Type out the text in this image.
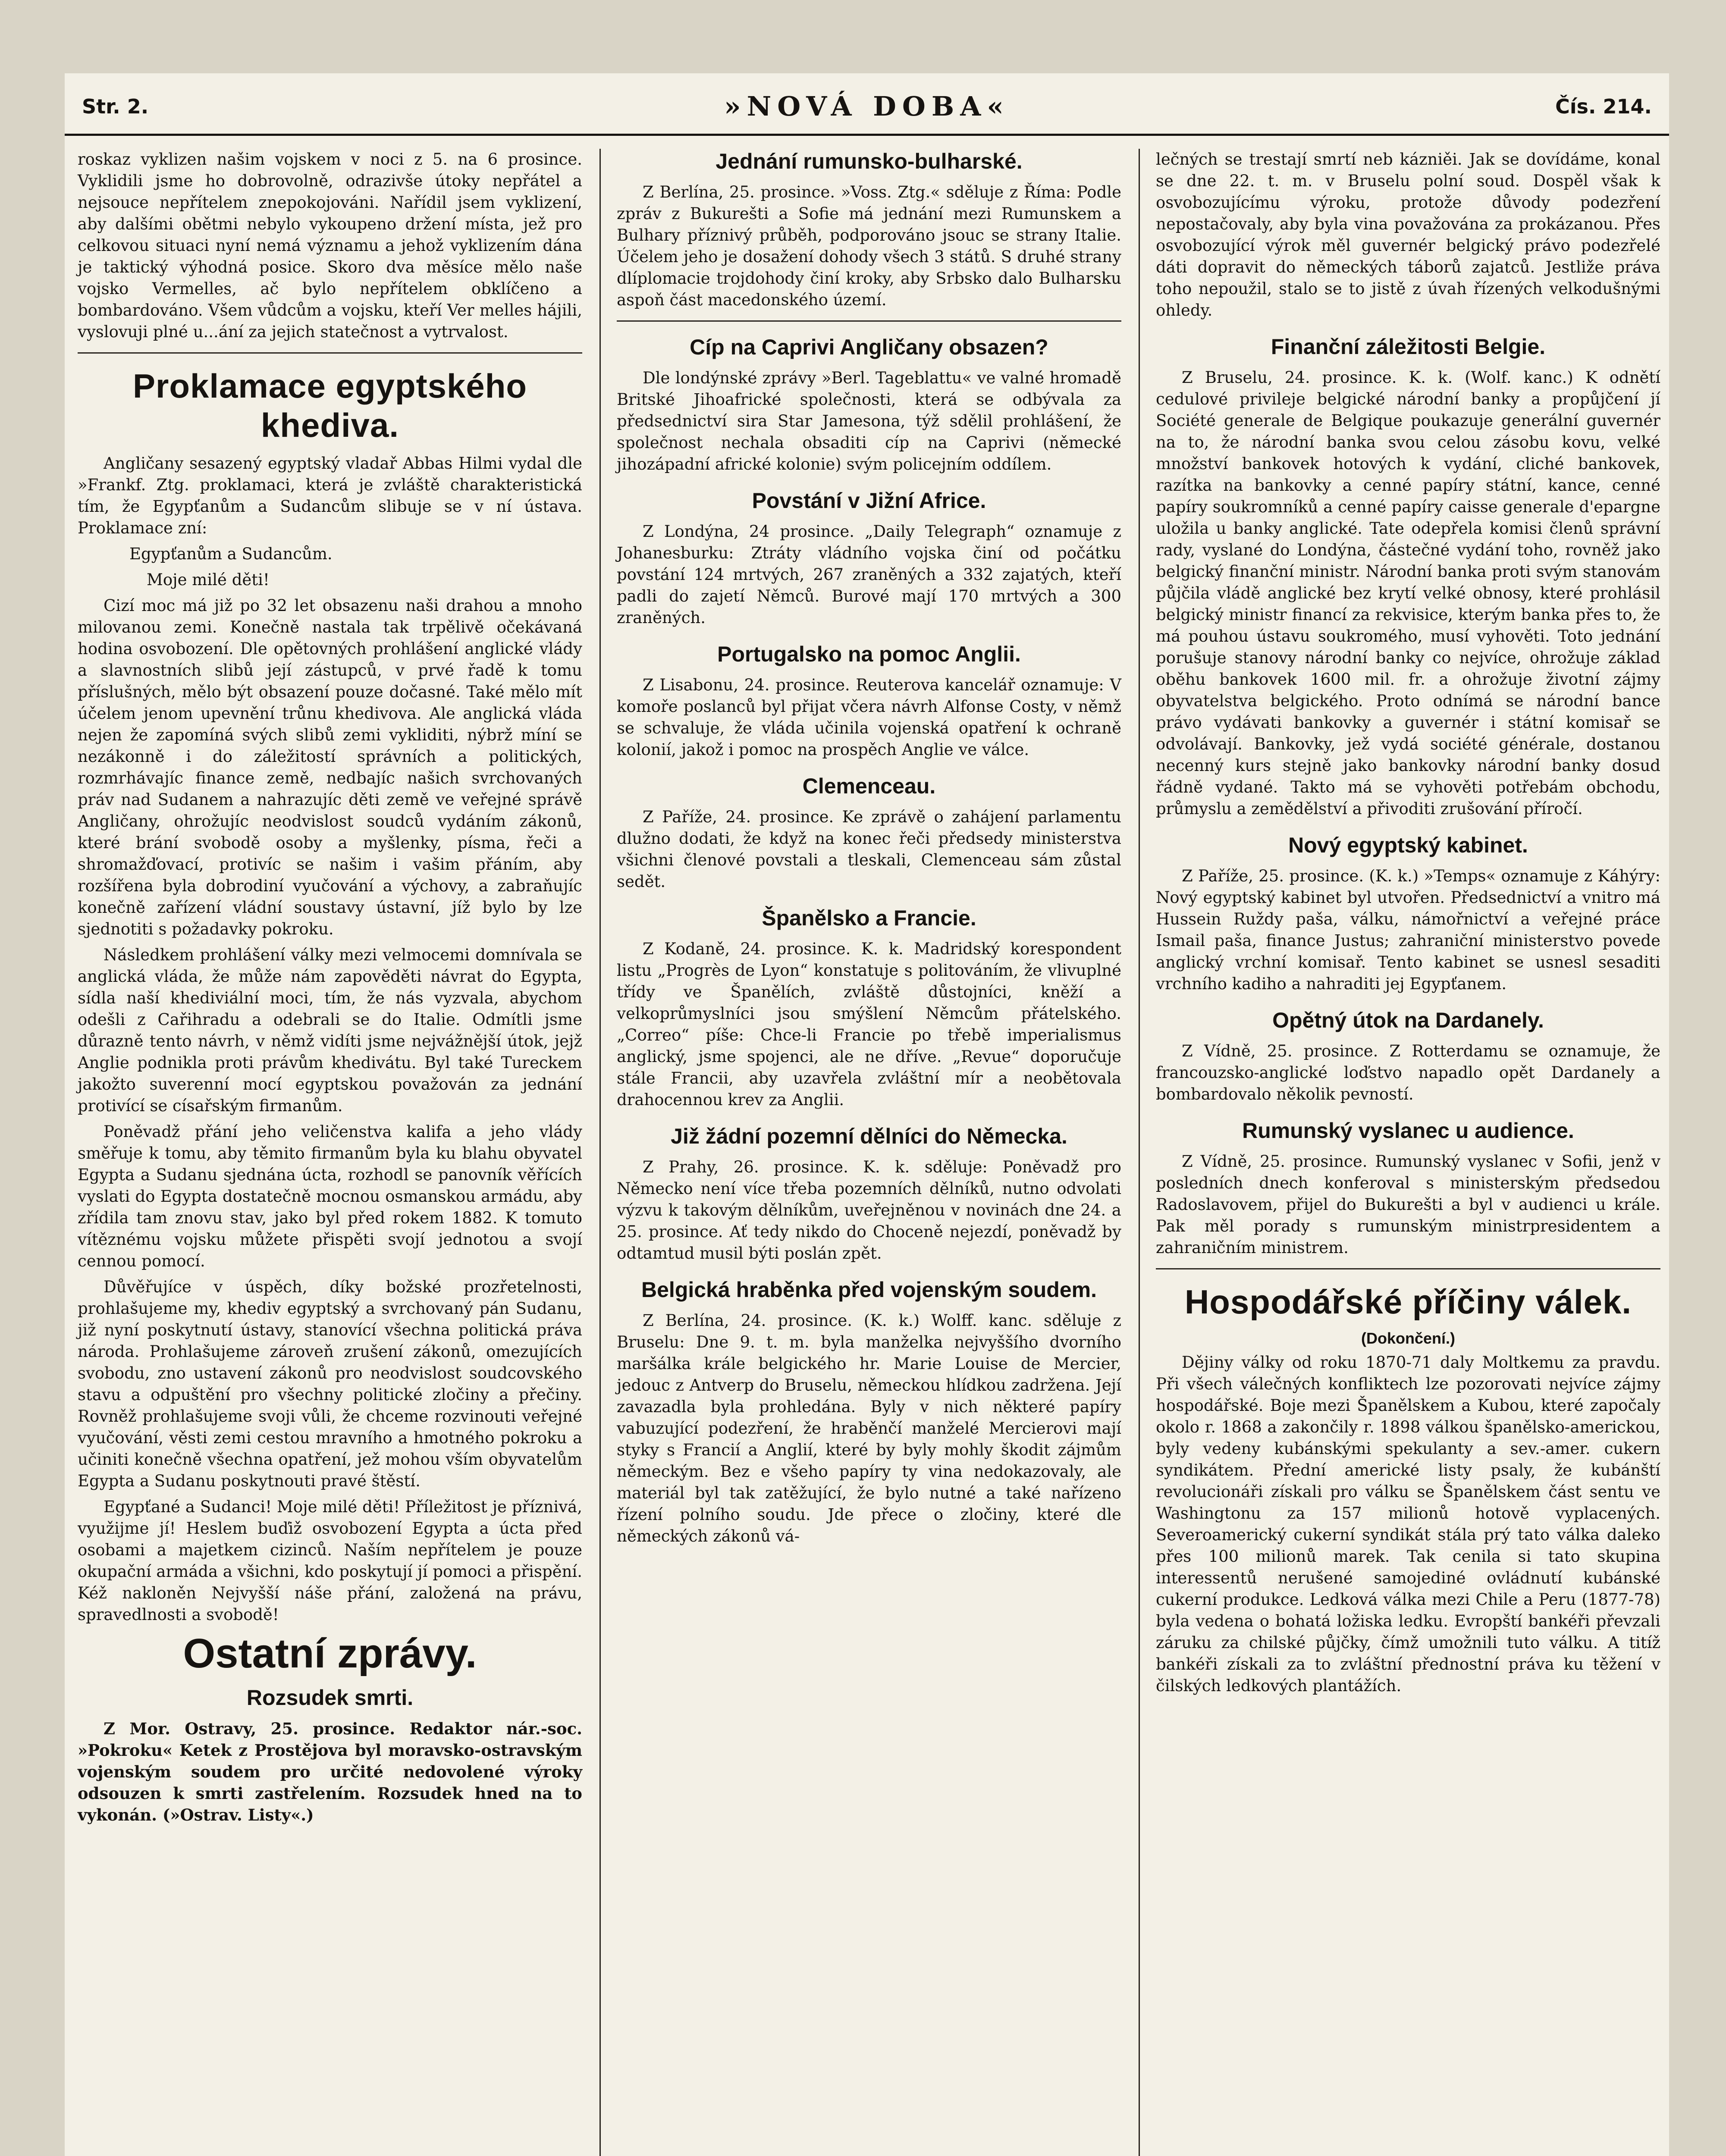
Str. 2.	»NOVÁ DOBA«	Čís. 214.

roskaz vyklizen našim vojskem v noci z 5. na 6 prosince. Vyklidili jsme ho dobrovolně, odrazivše útoky nepřátel a nejsouce nepřítelem znepokojováni. Nařídil jsem vyklizení, aby dalšími obětmi nebylo vykoupeno držení místa, jež pro celkovou situaci nyní nemá významu a jehož vyklizením dána je taktický výhodná posice. Skoro dva měsíce mělo naše vojsko Vermelles, ač bylo nepřítelem obklíčeno a bombardováno. Všem vůdcům a vojsku, kteří Ver melles hájili, vyslovuji plné u...ání za jejich statečnost a vytrvalost.

Proklamace egyptského khediva.

Angličany sesazený egyptský vladař Abbas Hilmi vydal dle »Frankf. Ztg. proklamaci, která je zvláště charakteristická tím, že Egypťanům a Sudancům slibuje se v ní ústava. Proklamace zní:

Egypťanům a Sudancům.

Moje milé děti!

Cizí moc má již po 32 let obsazenu naši drahou a mnoho milovanou zemi. Konečně nastala tak trpělivě očekávaná hodina osvobození. Dle opětovných prohlášení anglické vlády a slavnostních slibů její zástupců, v prvé řadě k tomu příslušných, mělo být obsazení pouze dočasné. Také mělo mít účelem jenom upevnění trůnu khedivova. Ale anglická vláda nejen že zapomíná svých slibů zemi vykliditi, nýbrž míní se nezákonně i do záležitostí správních a politických, rozmrhávajíc finance země, nedbajíc našich svrchovaných práv nad Sudanem a nahrazujíc děti země ve veřejné správě Angličany, ohrožujíc neodvislost soudců vydáním zákonů, které brání svobodě osoby a myšlenky, písma, řeči a shromažďovací, protivíc se našim i vašim přáním, aby rozšířena byla dobrodiní vyučování a výchovy, a zabraňujíc konečně zařízení vládní soustavy ústavní, jíž bylo by lze sjednotiti s požadavky pokroku.

Následkem prohlášení války mezi velmocemi domnívala se anglická vláda, že může nám zapověděti návrat do Egypta, sídla naší khediviální moci, tím, že nás vyzvala, abychom odešli z Cařihradu a odebrali se do Italie. Odmítli jsme důrazně tento návrh, v němž vidíti jsme nejvážnější útok, jejž Anglie podnikla proti právům khedivátu. Byl také Tureckem jakožto suverenní mocí egyptskou považován za jednání protivící se císařským firmanům.

Poněvadž přání jeho veličenstva kalifa a jeho vlády směřuje k tomu, aby těmito firmanům byla ku blahu obyvatel Egypta a Sudanu sjednána úcta, rozhodl se panovník věřících vyslati do Egypta dostatečně mocnou osmanskou armádu, aby zřídila tam znovu stav, jako byl před rokem 1882. K tomuto vítěznému vojsku můžete přispěti svojí jednotou a svojí cennou pomocí.

Důvěřujíce v úspěch, díky božské prozřetelnosti, prohlašujeme my, khediv egyptský a svrchovaný pán Sudanu, již nyní poskytnutí ústavy, stanovící všechna politická práva národa. Prohlašujeme zároveň zrušení zákonů, omezujících svobodu, zno ustavení zákonů pro neodvislost soudcovského stavu a odpuštění pro všechny politické zločiny a přečiny. Rovněž prohlašujeme svoji vůli, že chceme rozvinouti veřejné vyučování, věsti zemi cestou mravního a hmotného pokroku a učiniti konečně všechna opatření, jež mohou vším obyvatelům Egypta a Sudanu poskytnouti pravé štěstí.

Egypťané a Sudanci! Moje milé děti! Příležitost je příznivá, využijme jí! Heslem buďiž osvobození Egypta a úcta před osobami a majetkem cizinců. Naším nepřítelem je pouze okupační armáda a všichni, kdo poskytují jí pomoci a přispění. Kéž nakloněn Nejvyšší náše přání, založená na právu, spravedlnosti a svobodě!

Ostatní zprávy.
Rozsudek smrti.

Z Mor. Ostravy, 25. prosince. Redaktor nár.-soc. »Pokroku« Ketek z Prostějova byl moravsko-ostravským vojenským soudem pro určité nedovolené výroky odsouzen k smrti zastřelením. Rozsudek hned na to vykonán. (»Ostrav. Listy«.)

Jednání rumunsko-bulharské.

Z Berlína, 25. prosince. »Voss. Ztg.« sděluje z Říma: Podle zpráv z Bukurešti a Sofie má jednání mezi Rumunskem a Bulhary příznivý průběh, podporováno jsouc se strany Italie. Účelem jeho je dosažení dohody všech 3 států. S druhé strany dlíplomacie trojdohody činí kroky, aby Srbsko dalo Bulharsku aspoň část macedonského území.

Cíp na Caprivi Angličany obsazen?

Dle londýnské zprávy »Berl. Tageblattu« ve valné hromadě Britské Jihoafrické společnosti, která se odbývala za předsednictví sira Star Jamesona, týž sdělil prohlášení, že společnost nechala obsaditi cíp na Caprivi (německé jihozápadní africké kolonie) svým policejním oddílem.

Povstání v Jižní Africe.

Z Londýna, 24 prosince. „Daily Telegraph“ oznamuje z Johanesburku: Ztráty vládního vojska činí od počátku povstání 124 mrtvých, 267 zraněných a 332 zajatých, kteří padli do zajetí Němců. Burové mají 170 mrtvých a 300 zraněných.

Portugalsko na pomoc Anglii.

Z Lisabonu, 24. prosince. Reuterova kancelář oznamuje: V komoře poslanců byl přijat včera návrh Alfonse Costy, v němž se schvaluje, že vláda učinila vojenská opatření k ochraně kolonií, jakož i pomoc na prospěch Anglie ve válce.

Clemenceau.

Z Paříže, 24. prosince. Ke zprávě o zahájení parlamentu dlužno dodati, že když na konec řeči předsedy ministerstva všichni členové povstali a tleskali, Clemenceau sám zůstal sedět.

Španělsko a Francie.

Z Kodaně, 24. prosince. K. k. Madridský korespondent listu „Progrès de Lyon“ konstatuje s politováním, že vlivuplné třídy ve Španělích, zvláště důstojníci, kněží a velkoprůmyslníci jsou smýšlení Němcům přátelského. „Correo“ píše: Chce-li Francie po třebě imperialismus anglický, jsme spojenci, ale ne dříve. „Revue“ doporučuje stále Francii, aby uzavřela zvláštní mír a neobětovala drahocennou krev za Anglii.

Již žádní pozemní dělníci do Německa.

Z Prahy, 26. prosince. K. k. sděluje: Poněvadž pro Německo není více třeba pozemních dělníků, nutno odvolati výzvu k takovým dělníkům, uveřejněnou v novinách dne 24. a 25. prosince. Ať tedy nikdo do Choceně nejezdí, poněvadž by odtamtud musil býti poslán zpět.

Belgická hraběnka před vojenským soudem.

Z Berlína, 24. prosince. (K. k.) Wolff. kanc. sděluje z Bruselu: Dne 9. t. m. byla manželka nejvyššího dvorního maršálka krále belgického hr. Marie Louise de Mercier, jedouc z Antverp do Bruselu, německou hlídkou zadržena. Její zavazadla byla prohledána. Byly v nich některé papíry vabuzující podezření, že hraběnčí manželé Mercierovi mají styky s Francií a Anglií, které by byly mohly škodit zájmům německým. Bez e všeho papíry ty vina nedokazovaly, ale materiál byl tak zatěžující, že bylo nutné a také nařízeno řízení polního soudu. Jde přece o zločiny, které dle německých zákonů vá-

lečných se trestají smrtí neb kázniěi. Jak se dovídáme, konal se dne 22. t. m. v Bruselu polní soud. Dospěl však k osvobozujícímu výroku, protože důvody podezření nepostačovaly, aby byla vina považována za prokázanou. Přes osvobozující výrok měl guvernér belgický právo podezřelé dáti dopravit do německých táborů zajatců. Jestliže práva toho nepoužil, stalo se to jistě z úvah řízených velkodušnými ohledy.

Finanční záležitosti Belgie.

Z Bruselu, 24. prosince. K. k. (Wolf. kanc.) K odnětí cedulové privileje belgické národní banky a propůjčení jí Société generale de Belgique poukazuje generální guvernér na to, že národní banka svou celou zásobu kovu, velké množství bankovek hotových k vydání, cliché bankovek, razítka na bankovky a cenné papíry státní, kance, cenné papíry soukromníků a cenné papíry caisse generale d'epargne uložila u banky anglické. Tate odepřela komisi členů správní rady, vyslané do Londýna, částečné vydání toho, rovněž jako belgický finanční ministr. Národní banka proti svým stanovám půjčila vládě anglické bez krytí velké obnosy, které prohlásil belgický ministr financí za rekvisice, kterým banka přes to, že má pouhou ústavu soukromého, musí vyhověti. Toto jednání porušuje stanovy národní banky co nejvíce, ohrožuje základ oběhu bankovek 1600 mil. fr. a ohrožuje životní zájmy obyvatelstva belgického. Proto odnímá se národní bance právo vydávati bankovky a guvernér i státní komisař se odvolávají. Bankovky, jež vydá société générale, dostanou necenný kurs stejně jako bankovky národní banky dosud řádně vydané. Takto má se vyhověti potřebám obchodu, průmyslu a zemědělství a přivoditi zrušování příročí.

Nový egyptský kabinet.

Z Paříže, 25. prosince. (K. k.) »Temps« oznamuje z Káhýry: Nový egyptský kabinet byl utvořen. Předsednictví a vnitro má Hussein Ruždy paša, válku, námořnictví a veřejné práce Ismail paša, finance Justus; zahraniční ministerstvo povede anglický vrchní komisař. Tento kabinet se usnesl sesaditi vrchního kadiho a nahraditi jej Egypťanem.

Opětný útok na Dardanely.

Z Vídně, 25. prosince. Z Rotterdamu se oznamuje, že francouzsko-anglické loďstvo napadlo opět Dardanely a bombardovalo několik pevností.

Rumunský vyslanec u audience.

Z Vídně, 25. prosince. Rumunský vyslanec v Sofii, jenž v posledních dnech konferoval s ministerským předsedou Radoslavovem, přijel do Bukurešti a byl v audienci u krále. Pak měl porady s rumunským ministrpresidentem a zahraničním ministrem.

Hospodářské příčiny válek.
(Dokončení.)

Dějiny války od roku 1870-71 daly Moltkemu za pravdu. Při všech válečných konfliktech lze pozorovati nejvíce zájmy hospodářské. Boje mezi Španělskem a Kubou, které započaly okolo r. 1868 a zakončily r. 1898 válkou španělsko-americkou, byly vedeny kubánskými spekulanty a sev.-amer. cukern syndikátem. Přední americké listy psaly, že kubánští revolucionáři získali pro válku se Španělskem část sentu ve Washingtonu za 157 milionů hotově vyplacených. Severoamerický cukerní syndikát stála prý tato válka daleko přes 100 milionů marek. Tak cenila si tato skupina interessentů nerušené samojediné ovládnutí kubánské cukerní produkce. Ledková válka mezi Chile a Peru (1877-78) byla vedena o bohatá ložiska ledku. Evropští bankéři převzali záruku za chilské půjčky, čímž umožnili tuto válku. A titíž bankéři získali za to zvláštní přednostní práva ku těžení v čilských ledkových plantážích.
